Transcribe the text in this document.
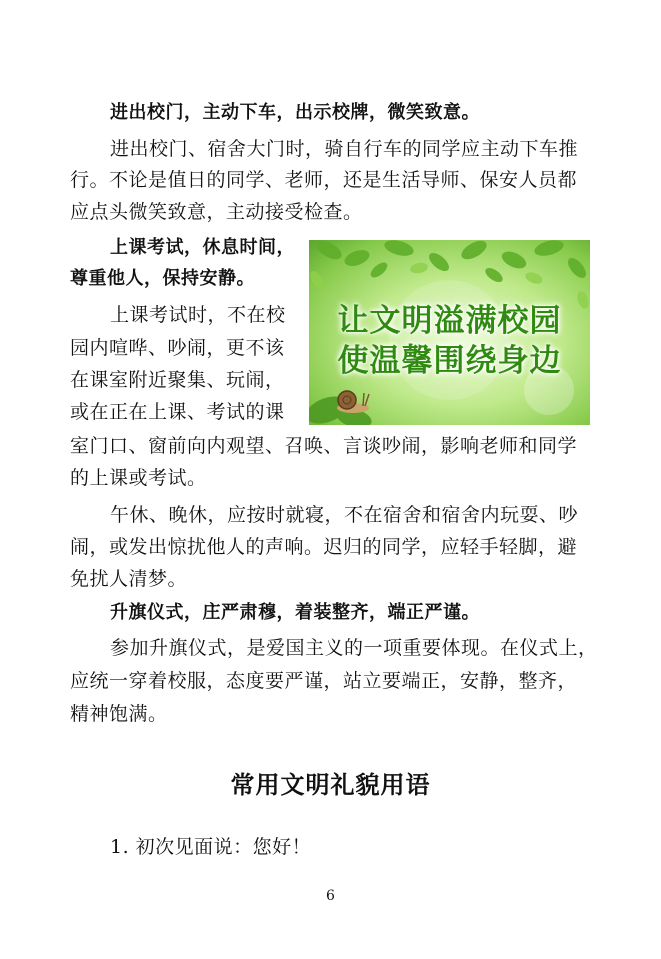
进出校门，主动下车，出示校牌，微笑致意。
进出校门、宿舍大门时，骑自行车的同学应主动下车推
行。不论是值日的同学、老师，还是生活导师、保安人员都
应点头微笑致意，主动接受检查。
上课考试，休息时间，
尊重他人，保持安静。
上课考试时，不在校
园内喧哗、吵闹，更不该
在课室附近聚集、玩闹，
或在正在上课、考试的课
室门口、窗前向内观望、召唤、言谈吵闹，影响老师和同学
的上课或考试。
午休、晚休，应按时就寝，不在宿舍和宿舍内玩耍、吵
闹，或发出惊扰他人的声响。迟归的同学，应轻手轻脚，避
免扰人清梦。
升旗仪式，庄严肃穆，着装整齐，端正严谨。
参加升旗仪式，是爱国主义的一项重要体现。在仪式上，
应统一穿着校服，态度要严谨，站立要端正，安静，整齐，
精神饱满。
常用文明礼貌用语
1. 初次见面说：您好！
6
让文明溢满校园
使温馨围绕身边
